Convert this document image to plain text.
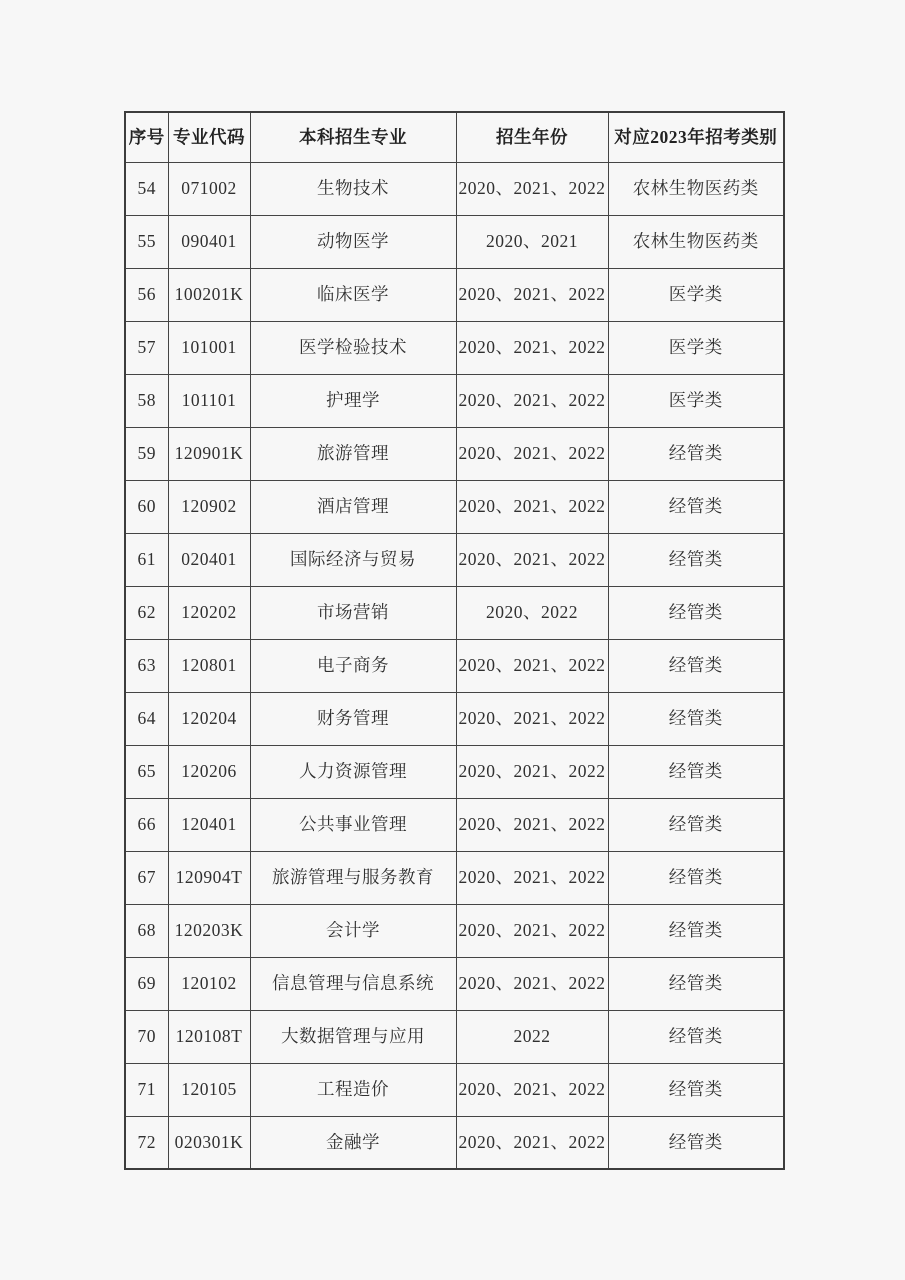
序号	专业代码	本科招生专业	招生年份	对应2023年招考类别
54	071002	生物技术	2020、2021、2022	农林生物医药类
55	090401	动物医学	2020、2021	农林生物医药类
56	100201K	临床医学	2020、2021、2022	医学类
57	101001	医学检验技术	2020、2021、2022	医学类
58	101101	护理学	2020、2021、2022	医学类
59	120901K	旅游管理	2020、2021、2022	经管类
60	120902	酒店管理	2020、2021、2022	经管类
61	020401	国际经济与贸易	2020、2021、2022	经管类
62	120202	市场营销	2020、2022	经管类
63	120801	电子商务	2020、2021、2022	经管类
64	120204	财务管理	2020、2021、2022	经管类
65	120206	人力资源管理	2020、2021、2022	经管类
66	120401	公共事业管理	2020、2021、2022	经管类
67	120904T	旅游管理与服务教育	2020、2021、2022	经管类
68	120203K	会计学	2020、2021、2022	经管类
69	120102	信息管理与信息系统	2020、2021、2022	经管类
70	120108T	大数据管理与应用	2022	经管类
71	120105	工程造价	2020、2021、2022	经管类
72	020301K	金融学	2020、2021、2022	经管类
